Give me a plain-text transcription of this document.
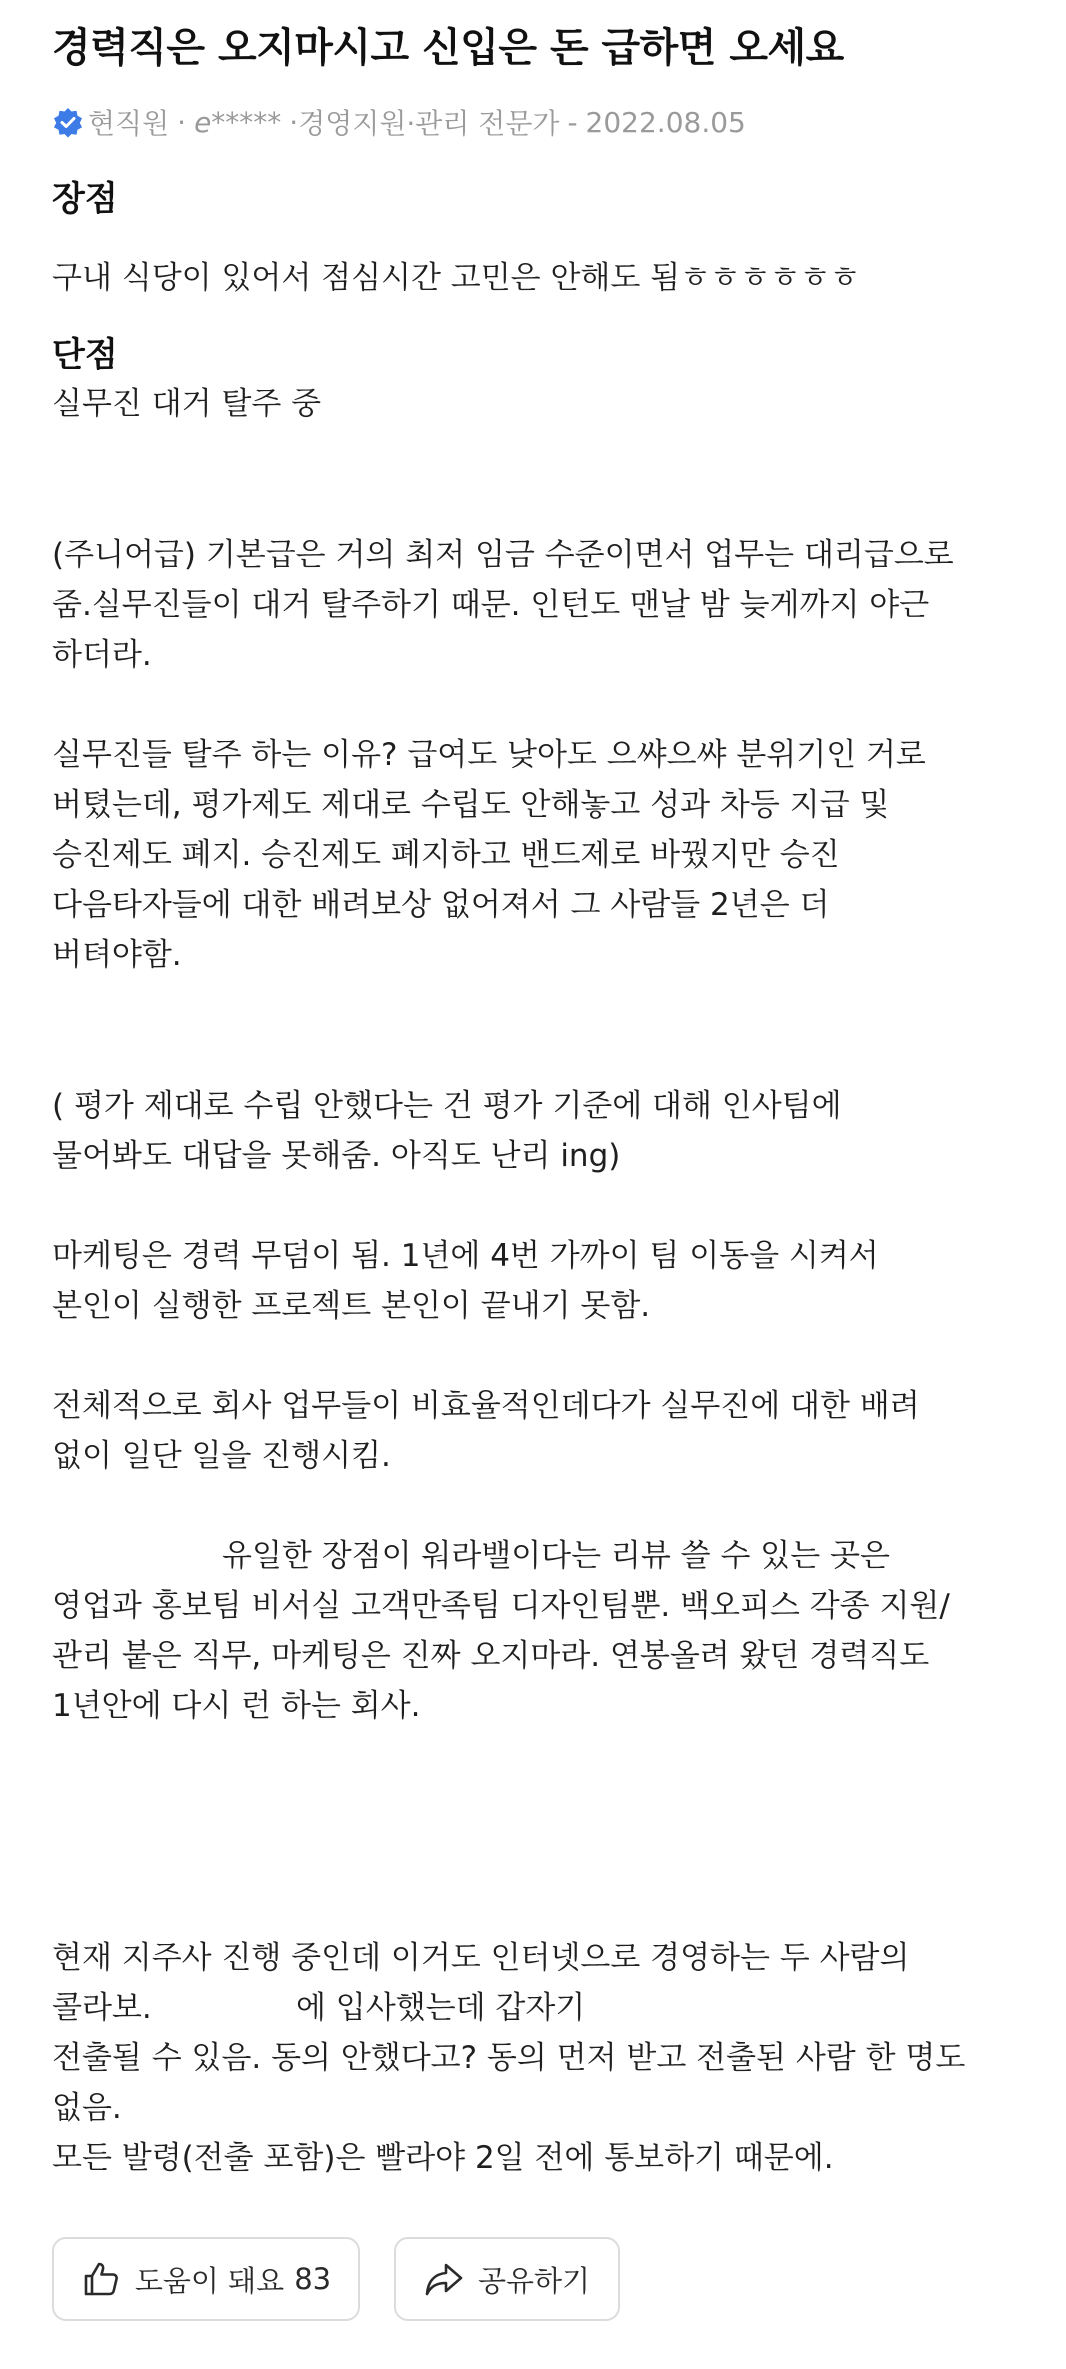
경력직은 오지마시고 신입은 돈 급하면 오세요
현직원 · e***** · 경영지원·관리 전문가 - 2022.08.05
장점
구내 식당이 있어서 점심시간 고민은 안해도 됨ㅎㅎㅎㅎㅎㅎ
단점
실무진 대거 탈주 중
(주니어급) 기본급은 거의 최저 임금 수준이면서 업무는 대리급으로
줌.실무진들이 대거 탈주하기 때문. 인턴도 맨날 밤 늦게까지 야근
하더라.
실무진들 탈주 하는 이유? 급여도 낮아도 으쌰으쌰 분위기인 거로
버텼는데, 평가제도 제대로 수립도 안해놓고 성과 차등 지급 및
승진제도 폐지. 승진제도 폐지하고 밴드제로 바꿨지만 승진
다음타자들에 대한 배려보상 없어져서 그 사람들 2년은 더
버텨야함.
( 평가 제대로 수립 안했다는 건 평가 기준에 대해 인사팀에
물어봐도 대답을 못해줌. 아직도 난리 ing)
마케팅은 경력 무덤이 됨. 1년에 4번 가까이 팀 이동을 시켜서
본인이 실행한 프로젝트 본인이 끝내기 못함.
전체적으로 회사 업무들이 비효율적인데다가 실무진에 대한 배려
없이 일단 일을 진행시킴.
유일한 장점이 워라밸이다는 리뷰 쓸 수 있는 곳은
영업과 홍보팀 비서실 고객만족팀 디자인팀뿐. 백오피스 각종 지원/
관리 붙은 직무, 마케팅은 진짜 오지마라. 연봉올려 왔던 경력직도
1년안에 다시 런 하는 회사.
현재 지주사 진행 중인데 이거도 인터넷으로 경영하는 두 사람의
콜라보.	에 입사했는데 갑자기
전출될 수 있음. 동의 안했다고? 동의 먼저 받고 전출된 사람 한 명도
없음.
모든 발령(전출 포함)은 빨라야 2일 전에 통보하기 때문에.
도움이 돼요 83	공유하기
